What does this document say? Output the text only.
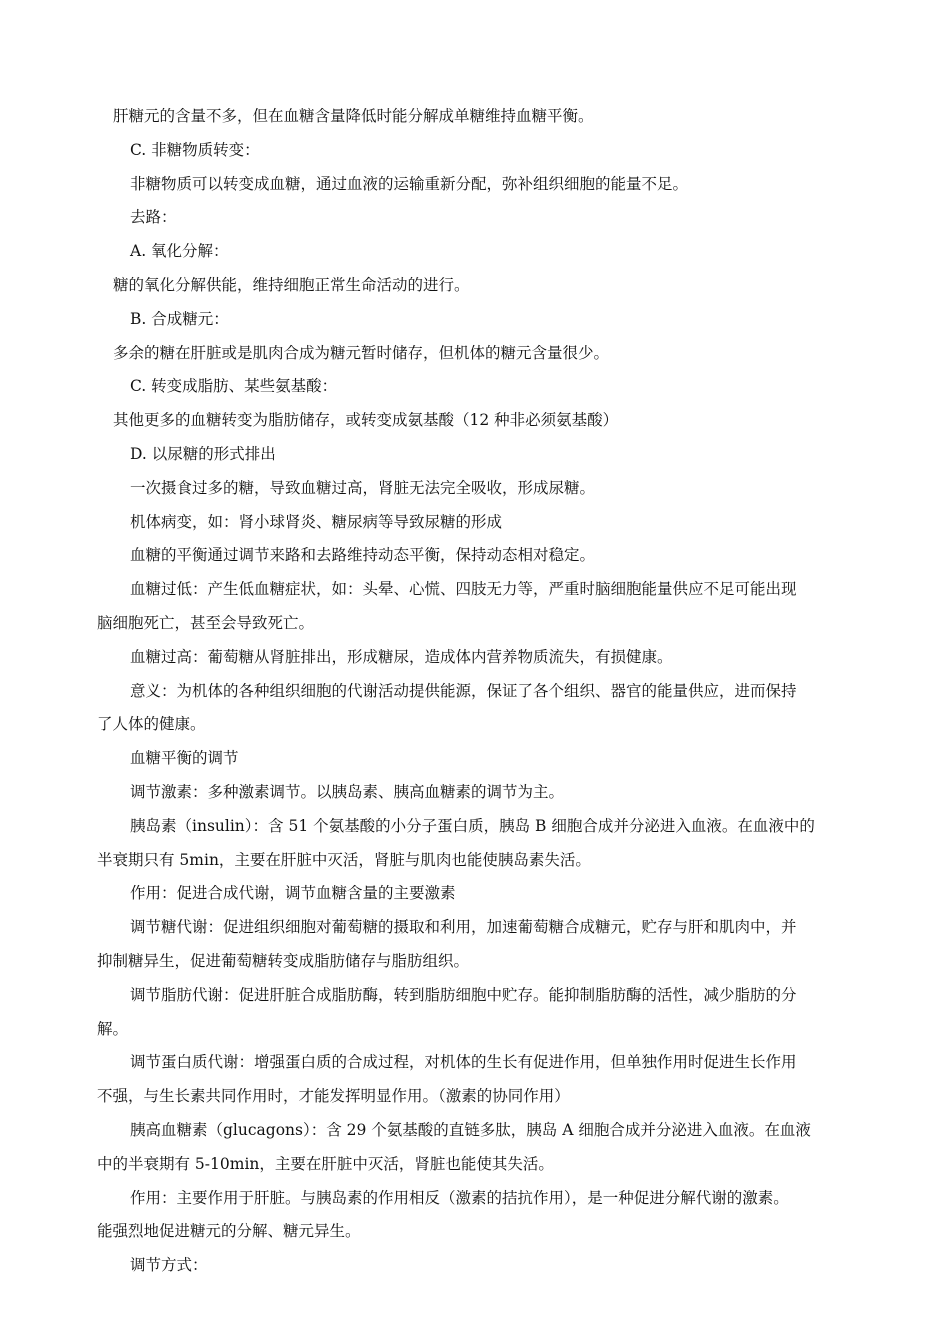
肝糖元的含量不多，但在血糖含量降低时能分解成单糖维持血糖平衡。
C. 非糖物质转变：
非糖物质可以转变成血糖，通过血液的运输重新分配，弥补组织细胞的能量不足。
去路：
A. 氧化分解：
糖的氧化分解供能，维持细胞正常生命活动的进行。
B. 合成糖元：
多余的糖在肝脏或是肌肉合成为糖元暂时储存，但机体的糖元含量很少。
C. 转变成脂肪、某些氨基酸：
其他更多的血糖转变为脂肪储存，或转变成氨基酸（12 种非必须氨基酸）
D. 以尿糖的形式排出
一次摄食过多的糖，导致血糖过高，肾脏无法完全吸收，形成尿糖。
机体病变，如：肾小球肾炎、糖尿病等导致尿糖的形成
血糖的平衡通过调节来路和去路维持动态平衡，保持动态相对稳定。
血糖过低：产生低血糖症状，如：头晕、心慌、四肢无力等，严重时脑细胞能量供应不足可能出现
脑细胞死亡，甚至会导致死亡。
血糖过高：葡萄糖从肾脏排出，形成糖尿，造成体内营养物质流失，有损健康。
意义：为机体的各种组织细胞的代谢活动提供能源，保证了各个组织、器官的能量供应，进而保持
了人体的健康。
血糖平衡的调节
调节激素：多种激素调节。以胰岛素、胰高血糖素的调节为主。
胰岛素（insulin）：含 51 个氨基酸的小分子蛋白质，胰岛 B 细胞合成并分泌进入血液。在血液中的
半衰期只有 5min，主要在肝脏中灭活，肾脏与肌肉也能使胰岛素失活。
作用：促进合成代谢，调节血糖含量的主要激素
调节糖代谢：促进组织细胞对葡萄糖的摄取和利用，加速葡萄糖合成糖元，贮存与肝和肌肉中，并
抑制糖异生，促进葡萄糖转变成脂肪储存与脂肪组织。
调节脂肪代谢：促进肝脏合成脂肪酶，转到脂肪细胞中贮存。能抑制脂肪酶的活性，减少脂肪的分
解。
调节蛋白质代谢：增强蛋白质的合成过程，对机体的生长有促进作用，但单独作用时促进生长作用
不强，与生长素共同作用时，才能发挥明显作用。（激素的协同作用）
胰高血糖素（glucagons）：含 29 个氨基酸的直链多肽，胰岛 A 细胞合成并分泌进入血液。在血液
中的半衰期有 5-10min，主要在肝脏中灭活，肾脏也能使其失活。
作用：主要作用于肝脏。与胰岛素的作用相反（激素的拮抗作用），是一种促进分解代谢的激素。
能强烈地促进糖元的分解、糖元异生。
调节方式：
